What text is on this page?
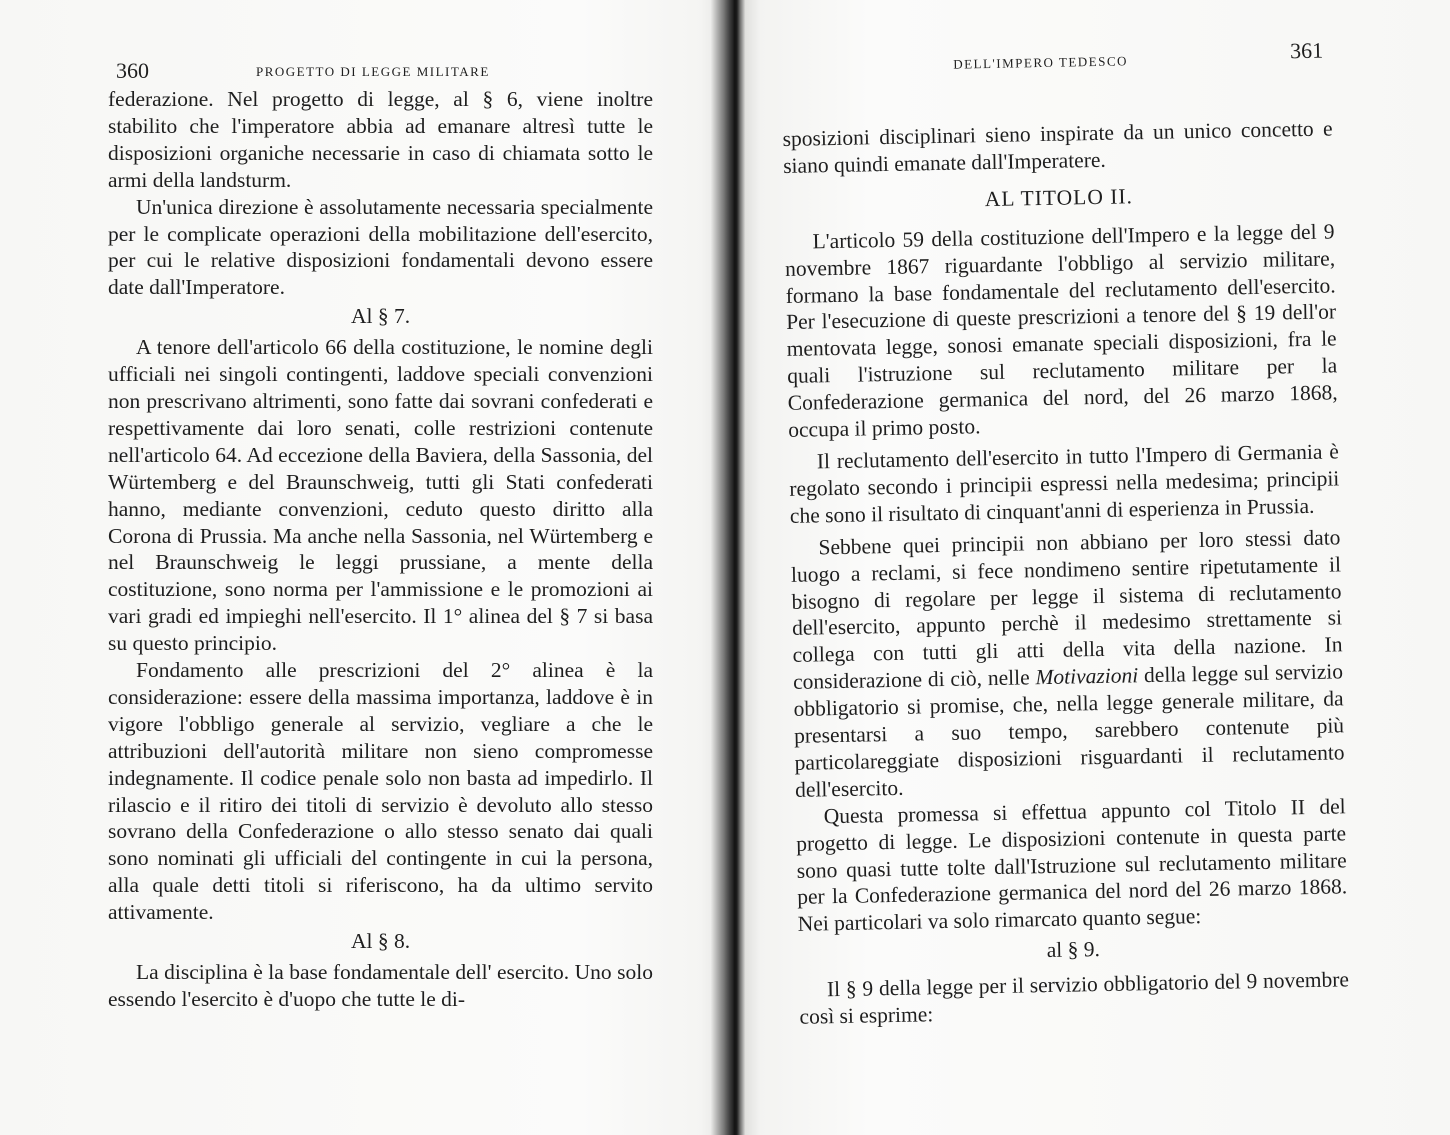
360	PROGETTO DI LEGGE MILITARE

federazione. Nel progetto di legge, al § 6, viene inoltre stabilito che l'imperatore abbia ad emanare altresì tutte le disposizioni organiche necessarie in caso di chiamata sotto le armi della landsturm.

Un'unica direzione è assolutamente necessaria specialmente per le complicate operazioni della mobilitazione dell'esercito, per cui le relative disposizioni fondamentali devono essere date dall'Imperatore.

Al § 7.

A tenore dell'articolo 66 della costituzione, le nomine degli ufficiali nei singoli contingenti, laddove speciali convenzioni non prescrivano altrimenti, sono fatte dai sovrani confederati e respettivamente dai loro senati, colle restrizioni contenute nell'articolo 64. Ad eccezione della Baviera, della Sassonia, del Würtemberg e del Braunschweig, tutti gli Stati confederati hanno, mediante convenzioni, ceduto questo diritto alla Corona di Prussia. Ma anche nella Sassonia, nel Würtemberg e nel Braunschweig le leggi prussiane, a mente della costituzione, sono norma per l'ammissione e le promozioni ai vari gradi ed impieghi nell'esercito. Il 1° alinea del § 7 si basa su questo principio.

Fondamento alle prescrizioni del 2° alinea è la considerazione: essere della massima importanza, laddove è in vigore l'obbligo generale al servizio, vegliare a che le attribuzioni dell'autorità militare non sieno compromesse indegnamente. Il codice penale solo non basta ad impedirlo. Il rilascio e il ritiro dei titoli di servizio è devoluto allo stesso sovrano della Confederazione o allo stesso senato dai quali sono nominati gli ufficiali del contingente in cui la persona, alla quale detti titoli si riferiscono, ha da ultimo servito attivamente.

Al § 8.

La disciplina è la base fondamentale dell' esercito. Uno solo essendo l'esercito è d'uopo che tutte le di-

DELL'IMPERO TEDESCO	361

sposizioni disciplinari sieno inspirate da un unico concetto e siano quindi emanate dall'Imperatere.

AL TITOLO II.

L'articolo 59 della costituzione dell'Impero e la legge del 9 novembre 1867 riguardante l'obbligo al servizio militare, formano la base fondamentale del reclutamento dell'esercito. Per l'esecuzione di queste prescrizioni a tenore del § 19 dell'or mentovata legge, sonosi emanate speciali disposizioni, fra le quali l'istruzione sul reclutamento militare per la Confederazione germanica del nord, del 26 marzo 1868, occupa il primo posto.

Il reclutamento dell'esercito in tutto l'Impero di Germania è regolato secondo i principii espressi nella medesima; principii che sono il risultato di cinquant'anni di esperienza in Prussia.

Sebbene quei principii non abbiano per loro stessi dato luogo a reclami, si fece nondimeno sentire ripetutamente il bisogno di regolare per legge il sistema di reclutamento dell'esercito, appunto perchè il medesimo strettamente si collega con tutti gli atti della vita della nazione. In considerazione di ciò, nelle Motivazioni della legge sul servizio obbligatorio si promise, che, nella legge generale militare, da presentarsi a suo tempo, sarebbero contenute più particolareggiate disposizioni risguardanti il reclutamento dell'esercito.

Questa promessa si effettua appunto col Titolo II del progetto di legge. Le disposizioni contenute in questa parte sono quasi tutte tolte dall'Istruzione sul reclutamento militare per la Confederazione germanica del nord del 26 marzo 1868. Nei particolari va solo rimarcato quanto segue:

al § 9.

Il § 9 della legge per il servizio obbligatorio del 9 novembre così si esprime:
